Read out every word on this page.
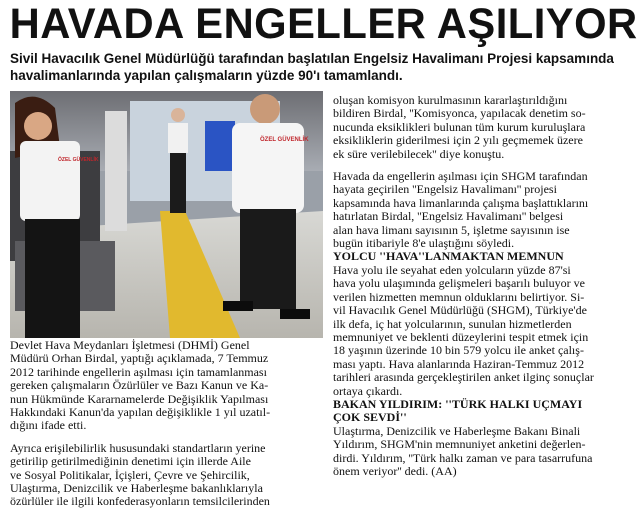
HAVADA ENGELLER AŞILIYOR
Sivil Havacılık Genel Müdürlüğü tarafından başlatılan Engelsiz Havalimanı Projesi kapsamında
havalimanlarında yapılan çalışmaların yüzde 90'ı tamamlandı.
ÖZEL GÜVENLİK
ÖZEL GÜVENLİK
Devlet Hava Meydanları İşletmesi (DHMİ) Genel
Müdürü Orhan Birdal, yaptığı açıklamada, 7 Temmuz
2012 tarihinde engellerin aşılması için tamamlanması
gereken çalışmaların Özürlüler ve Bazı Kanun ve Ka-
nun Hükmünde Kararnamelerde Değişiklik Yapılması
Hakkındaki Kanun'da yapılan değişiklikle 1 yıl uzatıl-
dığını ifade etti.
Ayrıca erişilebilirlik hususundaki standartların yerine
getirilip getirilmediğinin denetimi için illerde Aile
ve Sosyal Politikalar, İçişleri, Çevre ve Şehircilik,
Ulaştırma, Denizcilik ve Haberleşme bakanlıklarıyla
özürlüler ile ilgili konfederasyonların temsilcilerinden
oluşan komisyon kurulmasının kararlaştırıldığını
bildiren Birdal, ''Komisyonca, yapılacak denetim so-
nucunda eksiklikleri bulunan tüm kurum kuruluşlara
eksikliklerin giderilmesi için 2 yılı geçmemek üzere
ek süre verilebilecek'' diye konuştu.
Havada da engellerin aşılması için SHGM tarafından
hayata geçirilen ''Engelsiz Havalimanı'' projesi
kapsamında hava limanlarında çalışma başlattıklarını
hatırlatan Birdal, ''Engelsiz Havalimanı'' belgesi
alan hava limanı sayısının 5, işletme sayısının ise
bugün itibariyle 8'e ulaştığını söyledi.
YOLCU ''HAVA''LANMAKTAN MEMNUN
Hava yolu ile seyahat eden yolcuların yüzde 87'si
hava yolu ulaşımında gelişmeleri başarılı buluyor ve
verilen hizmetten memnun olduklarını belirtiyor. Si-
vil Havacılık Genel Müdürlüğü (SHGM), Türkiye'de
ilk defa, iç hat yolcularının, sunulan hizmetlerden
memnuniyet ve beklenti düzeylerini tespit etmek için
18 yaşının üzerinde 10 bin 579 yolcu ile anket çalış-
ması yaptı. Hava alanlarında Haziran-Temmuz 2012
tarihleri arasında gerçekleştirilen anket ilginç sonuçlar
ortaya çıkardı.
BAKAN YILDIRIM: ''TÜRK HALKI UÇMAYI
ÇOK SEVDİ''
Ulaştırma, Denizcilik ve Haberleşme Bakanı Binali
Yıldırım, SHGM'nin memnuniyet anketini değerlen-
dirdi. Yıldırım, ''Türk halkı zaman ve para tasarrufuna
önem veriyor'' dedi. (AA)
